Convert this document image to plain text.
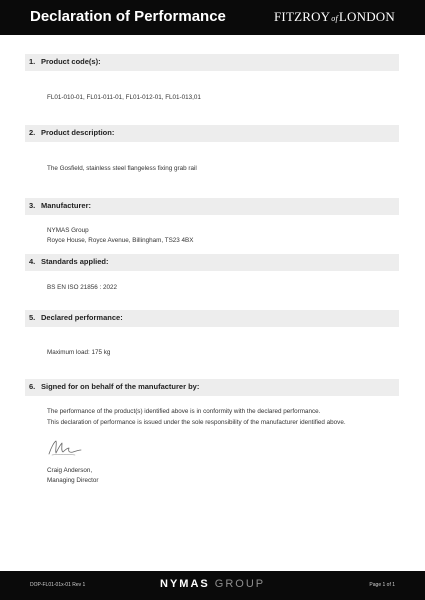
Declaration of Performance	FITZROYofLONDON
1. Product code(s):
FL01-010-01, FL01-011-01, FL01-012-01, FL01-013,01
2. Product description:
The Gosfield, stainless steel flangeless fixing grab rail
3. Manufacturer:
NYMAS Group
Royce House, Royce Avenue, Billingham, TS23 4BX
4. Standards applied:
BS EN ISO 21856 : 2022
5. Declared performance:
Maximum load: 175 kg
6. Signed for on behalf of the manufacturer by:
The performance of the product(s) identified above is in conformity with the declared performance.
This declaration of performance is issued under the sole responsibility of the manufacturer identified above.
Craig Anderson,
Managing Director
DOP-FL01-01x-01 Rev 1	NYMAS GROUP	Page 1 of 1
